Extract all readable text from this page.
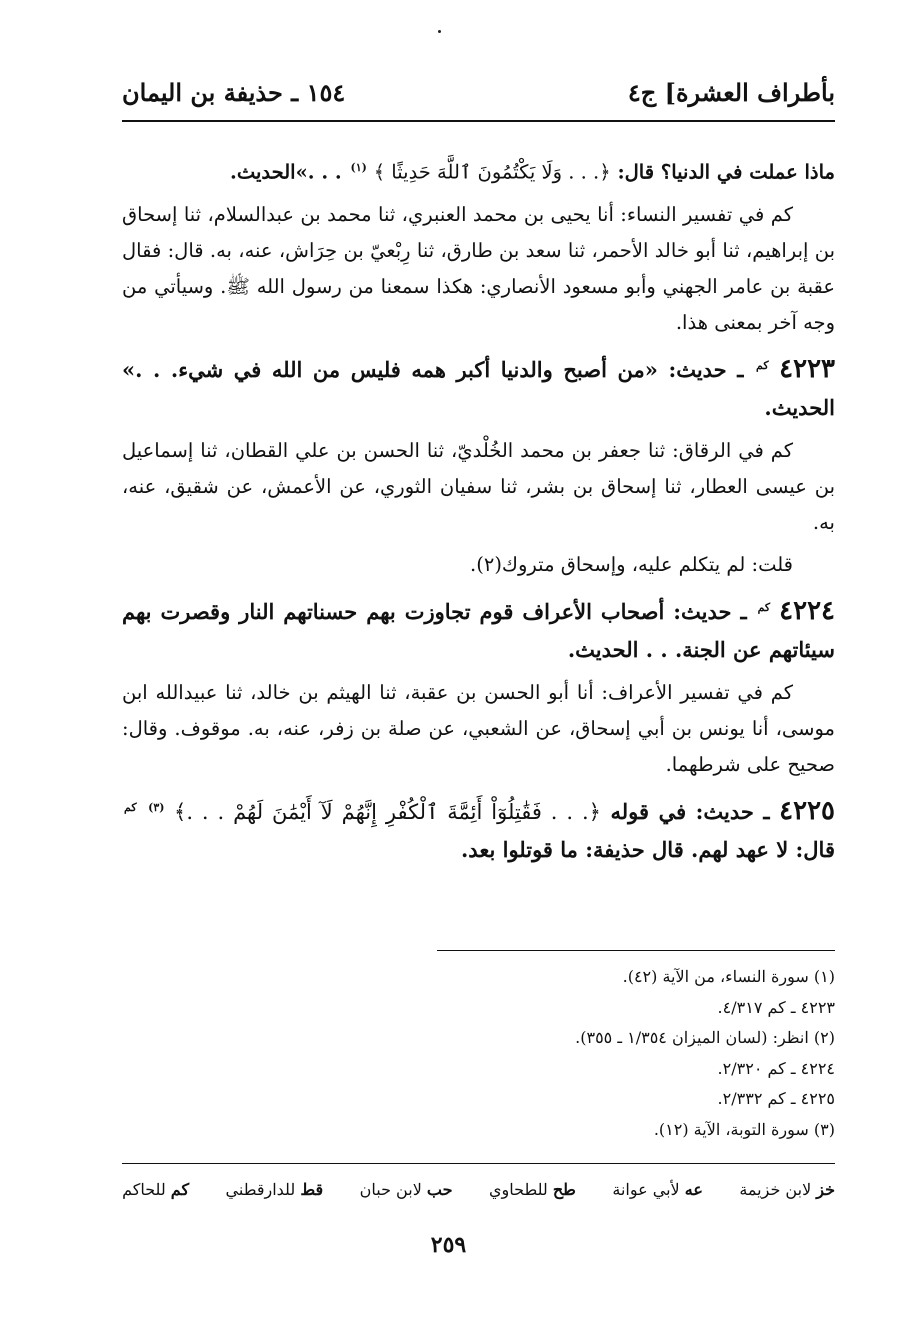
بأطراف العشرة] ج٤
١٥٤ ـ حذيفة بن اليمان

ماذا عملت في الدنيا؟ قال: ﴿. . . وَلَا يَكْتُمُونَ ٱللَّهَ حَدِيثًا ﴾ $^{(١)}$ . . .»الحديث.

كم في تفسير النساء: أنا يحيى بن محمد العنبري، ثنا محمد بن عبدالسلام، ثنا إسحاق بن إبراهيم، ثنا أبو خالد الأحمر، ثنا سعد بن طارق، ثنا رِبْعيّ بن حِرَاش، عنه، به. قال: فقال عقبة بن عامر الجهني وأبو مسعود الأنصاري: هكذا سمعنا من رسول الله ﷺ. وسيأتي من وجه آخر بمعنى هذا.

٤٢٢٣ $^{كم}$ ـ حديث: «من أصبح والدنيا أكبر همه فليس من الله في شيء. . .» الحديث.

كم في الرقاق: ثنا جعفر بن محمد الخُلْديّ، ثنا الحسن بن علي القطان، ثنا إسماعيل بن عيسى العطار، ثنا إسحاق بن بشر، ثنا سفيان الثوري، عن الأعمش، عن شقيق، عنه، به.

قلت: لم يتكلم عليه، وإسحاق متروك(٢).

٤٢٢٤ $^{كم}$ ـ حديث: أصحاب الأعراف قوم تجاوزت بهم حسناتهم النار وقصرت بهم سيئاتهم عن الجنة. . . الحديث.

كم في تفسير الأعراف: أنا أبو الحسن بن عقبة، ثنا الهيثم بن خالد، ثنا عبيدالله ابن موسى، أنا يونس بن أبي إسحاق، عن الشعبي، عن صلة بن زفر، عنه، به. موقوف. وقال: صحيح على شرطهما.

٤٢٢٥ ـ حديث: في قوله ﴿. . . فَقَٰتِلُوٓاْ أَئِمَّةَ ٱلْكُفْرِ إِنَّهُمْ لَآ أَيْمَٰنَ لَهُمْ . . .﴾ $^{(٣)}$ $^{كم}$ قال: لا عهد لهم. قال حذيفة: ما قوتلوا بعد.

(١) سورة النساء، من الآية (٤٢).
٤٢٢٣ ـ كم ٤/٣١٧.
(٢) انظر: (لسان الميزان ١/٣٥٤ ـ ٣٥٥).
٤٢٢٤ ـ كم ٢/٣٢٠.
٤٢٢٥ ـ كم ٢/٣٣٢.
(٣) سورة التوبة، الآية (١٢).
خز لابن خزيمة
عه لأبي عوانة
طح للطحاوي
حب لابن حبان
قط للدارقطني
كم للحاكم
٢٥٩
